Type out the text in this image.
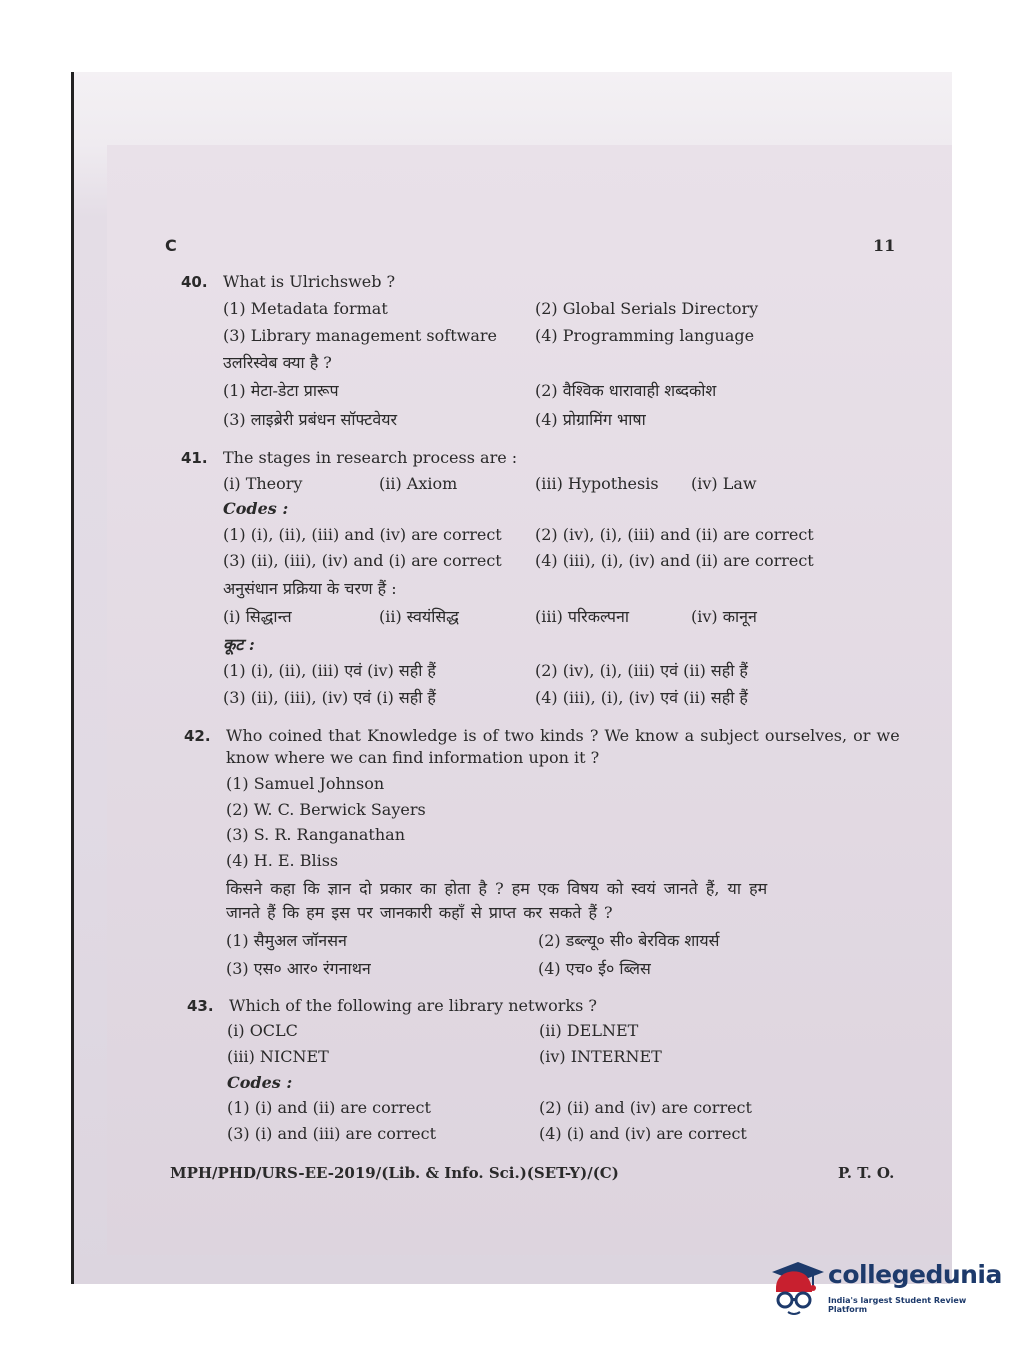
C	11
40. What is Ulrichsweb ?
(1) Metadata format	(2) Global Serials Directory
(3) Library management software (4) Programming language
उलरिस्वेब क्या है ?
(1) मेटा-डेटा प्रारूप	(2) वैश्विक धारावाही शब्दकोश
(3) लाइब्रेरी प्रबंधन सॉफ्टवेयर	(4) प्रोग्रामिंग भाषा
41. The stages in research process are :
(i) Theory	(ii) Axiom	(iii) Hypothesis (iv) Law
Codes :
(1) (i), (ii), (iii) and (iv) are correct (2) (iv), (i), (iii) and (ii) are correct
(3) (ii), (iii), (iv) and (i) are correct (4) (iii), (i), (iv) and (ii) are correct
अनुसंधान प्रक्रिया के चरण हैं :
(i) सिद्धान्त	(ii) स्वयंसिद्ध	(iii) परिकल्पना	(iv) कानून
कूट :
(1) (i), (ii), (iii) एवं (iv) सही हैं	(2) (iv), (i), (iii) एवं (ii) सही हैं
(3) (ii), (iii), (iv) एवं (i) सही हैं	(4) (iii), (i), (iv) एवं (ii) सही हैं
42. Who coined that Knowledge is of two kinds ? We know a subject ourselves, or we
know where we can find information upon it ?
(1) Samuel Johnson
(2) W. C. Berwick Sayers
(3) S. R. Ranganathan
(4) H. E. Bliss
किसने कहा कि ज्ञान दो प्रकार का होता है ? हम एक विषय को स्वयं जानते हैं, या हम
जानते हैं कि हम इस पर जानकारी कहाँ से प्राप्त कर सकते हैं ?
(1) सैमुअल जॉनसन	(2) डब्ल्यू० सी० बेरविक शायर्स
(3) एस० आर० रंगनाथन	(4) एच० ई० ब्लिस
43. Which of the following are library networks ?
(i) OCLC	(ii) DELNET
(iii) NICNET	(iv) INTERNET
Codes :
(1) (i) and (ii) are correct	(2) (ii) and (iv) are correct
(3) (i) and (iii) are correct	(4) (i) and (iv) are correct
MPH/PHD/URS-EE-2019/(Lib. & Info. Sci.)(SET-Y)/(C)	P. T. O.
collegedunia
India's largest Student Review Platform
